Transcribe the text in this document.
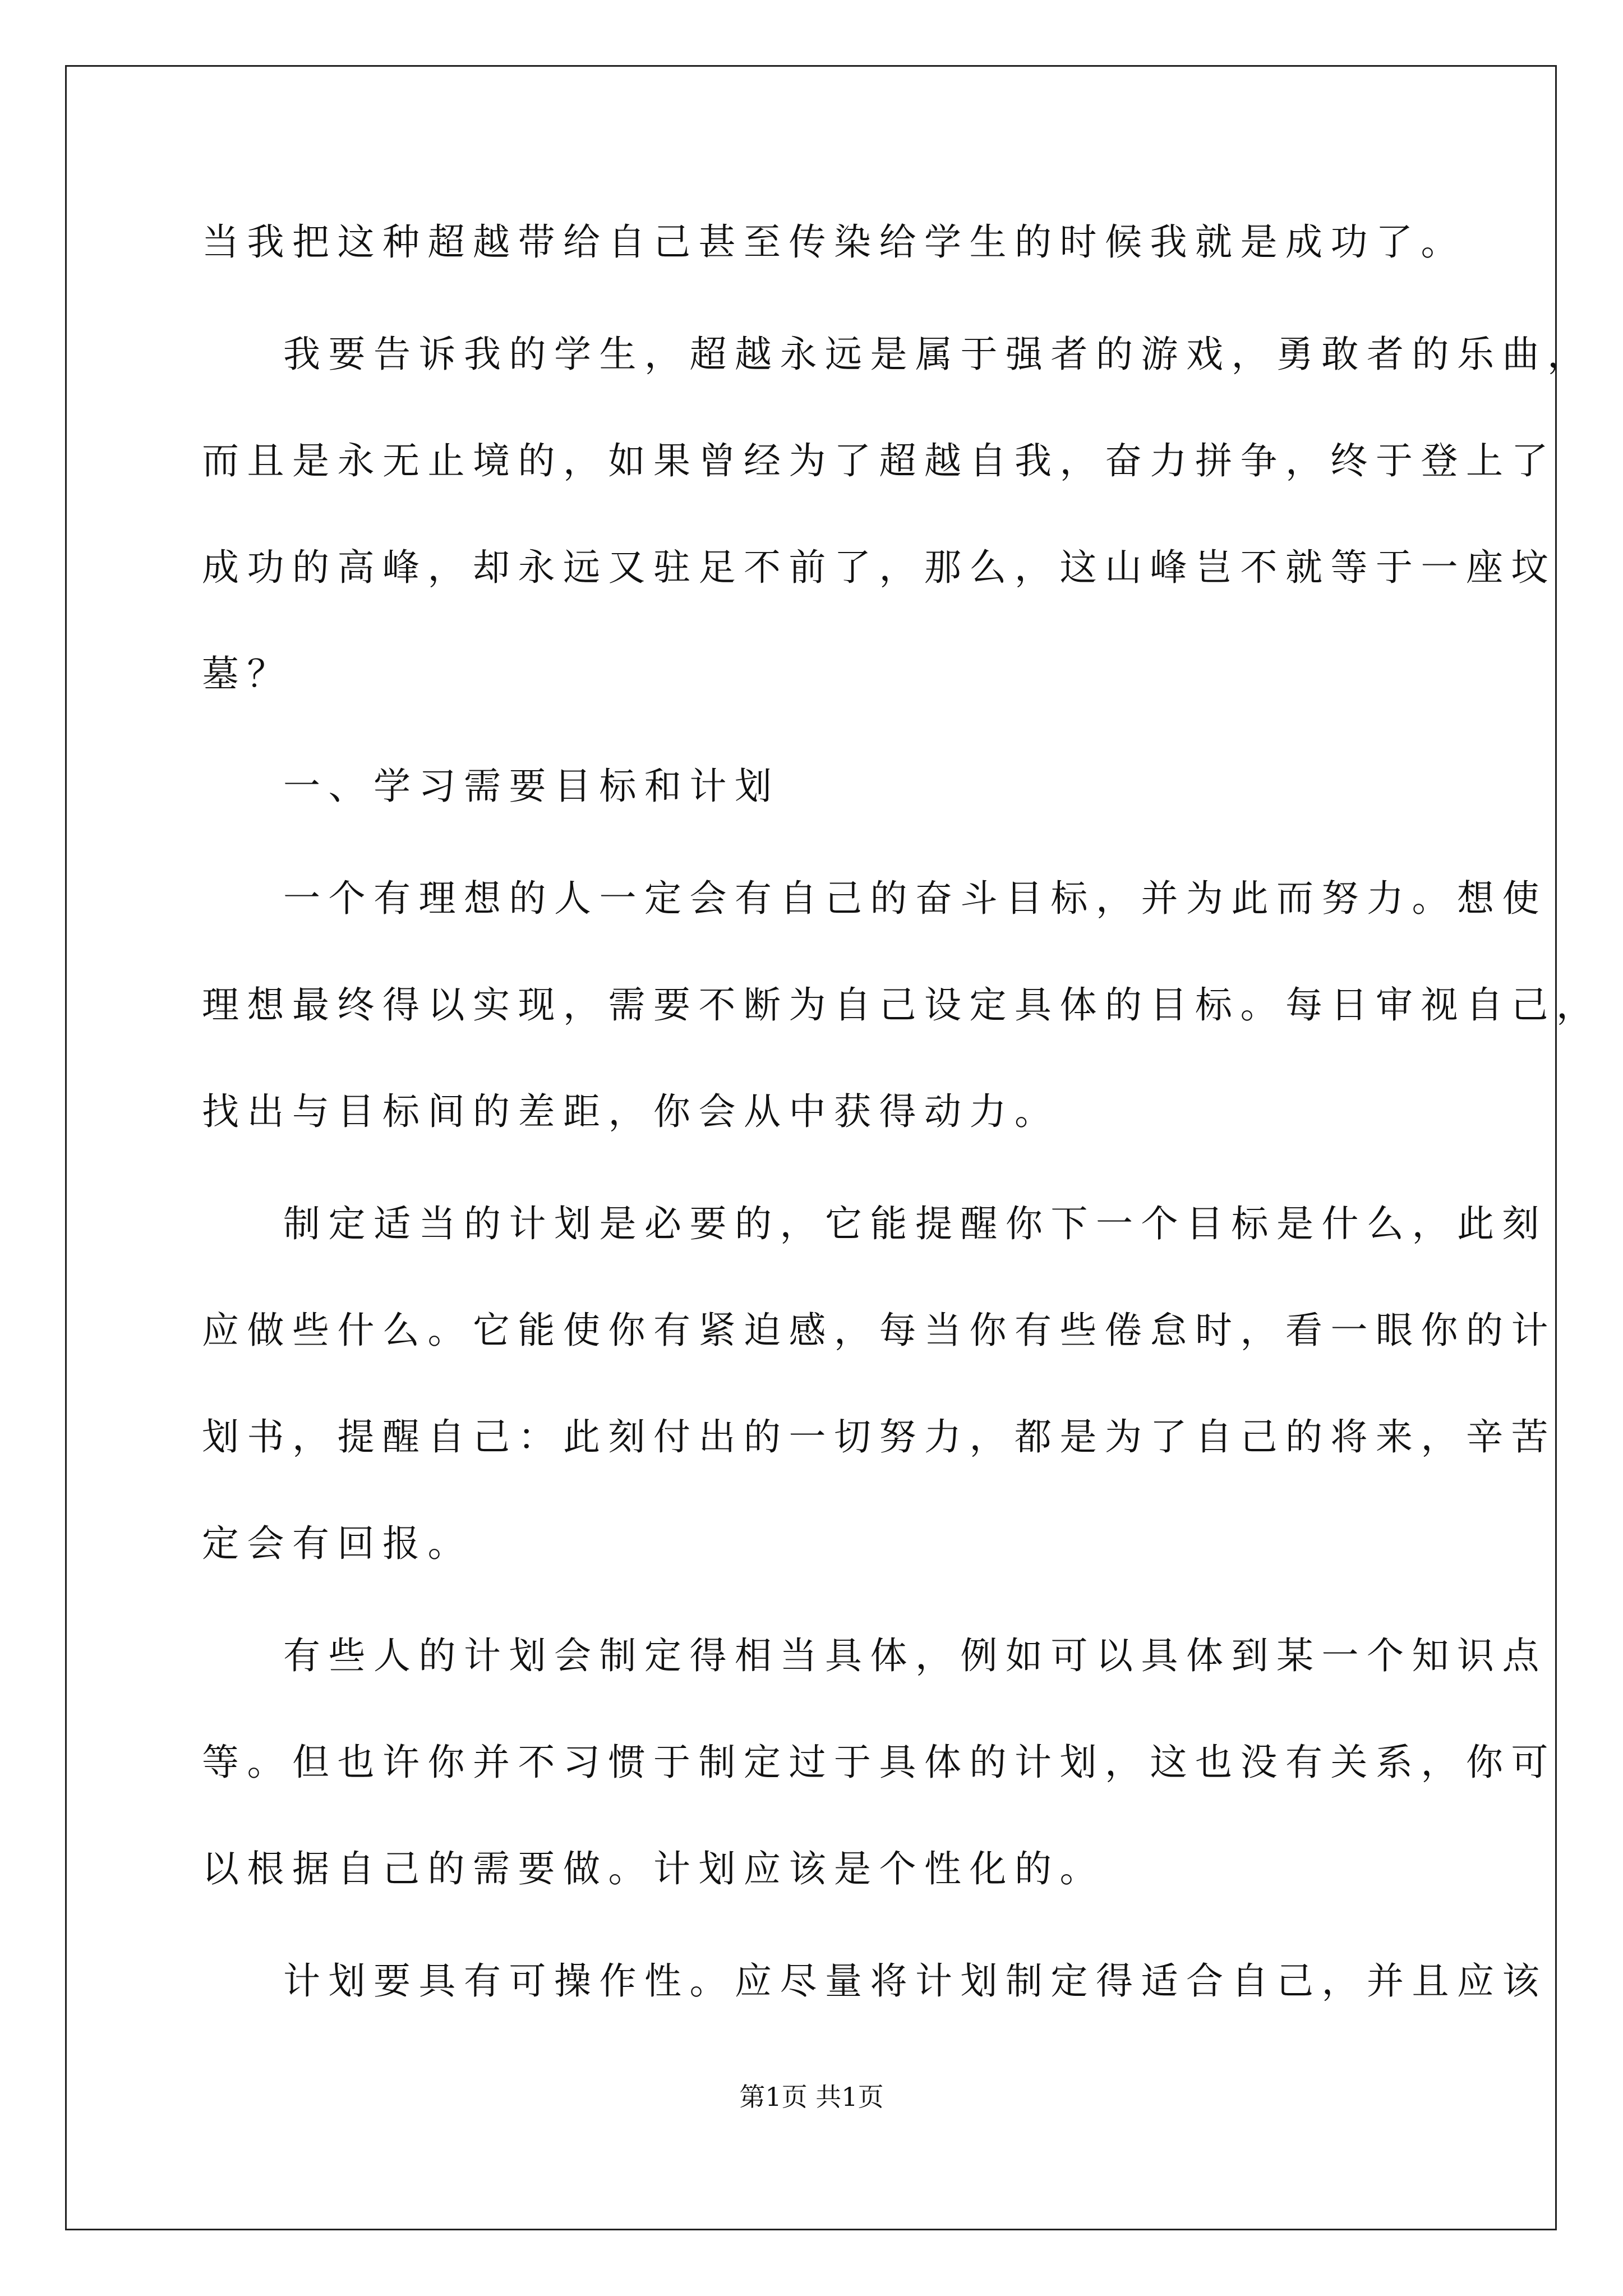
当我把这种超越带给自己甚至传染给学生的时候我就是成功了。
我要告诉我的学生，超越永远是属于强者的游戏，勇敢者的乐曲，
而且是永无止境的，如果曾经为了超越自我，奋力拼争，终于登上了
成功的高峰，却永远又驻足不前了，那么，这山峰岂不就等于一座坟
墓？
一、学习需要目标和计划
一个有理想的人一定会有自己的奋斗目标，并为此而努力。想使
理想最终得以实现，需要不断为自己设定具体的目标。每日审视自己，
找出与目标间的差距，你会从中获得动力。
制定适当的计划是必要的，它能提醒你下一个目标是什么，此刻
应做些什么。它能使你有紧迫感，每当你有些倦怠时，看一眼你的计
划书，提醒自己：此刻付出的一切努力，都是为了自己的将来，辛苦
定会有回报。
有些人的计划会制定得相当具体，例如可以具体到某一个知识点
等。但也许你并不习惯于制定过于具体的计划，这也没有关系，你可
以根据自己的需要做。计划应该是个性化的。
计划要具有可操作性。应尽量将计划制定得适合自己，并且应该
第1页 共1页
